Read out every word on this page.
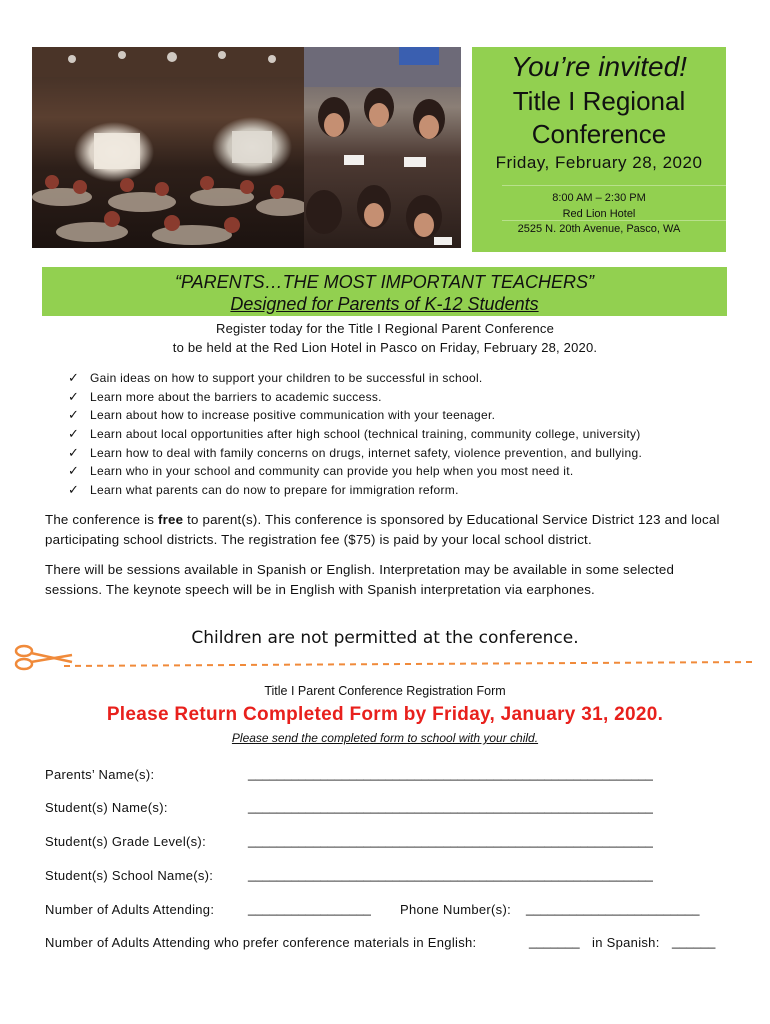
You’re invited!
Title I Regional Conference
Friday, February 28, 2020
8:00 AM – 2:30 PM
Red Lion Hotel
2525 N. 20th Avenue, Pasco, WA
“PARENTS…THE MOST IMPORTANT TEACHERS”
Designed for Parents of K-12 Students
Register today for the Title I Regional Parent Conference
to be held at the Red Lion Hotel in Pasco on Friday, February 28, 2020.
✓ Gain ideas on how to support your children to be successful in school.
✓ Learn more about the barriers to academic success.
✓ Learn about how to increase positive communication with your teenager.
✓ Learn about local opportunities after high school (technical training, community college, university)
✓ Learn how to deal with family concerns on drugs, internet safety, violence prevention, and bullying.
✓ Learn who in your school and community can provide you help when you most need it.
✓ Learn what parents can do now to prepare for immigration reform.
The conference is free to parent(s). This conference is sponsored by Educational Service District 123 and local participating school districts. The registration fee ($75) is paid by your local school district.
There will be sessions available in Spanish or English. Interpretation may be available in some selected sessions. The keynote speech will be in English with Spanish interpretation via earphones.
Children are not permitted at the conference.
Title I Parent Conference Registration Form
Please Return Completed Form by Friday, January 31, 2020.
Please send the completed form to school with your child.
Parents’ Name(s):	________________________________________________________
Student(s) Name(s):	________________________________________________________
Student(s) Grade Level(s):	________________________________________________________
Student(s) School Name(s):	________________________________________________________
Number of Adults Attending:	_________________ Phone Number(s): ________________________
Number of Adults Attending who prefer conference materials in English:	_______ in Spanish: ______
